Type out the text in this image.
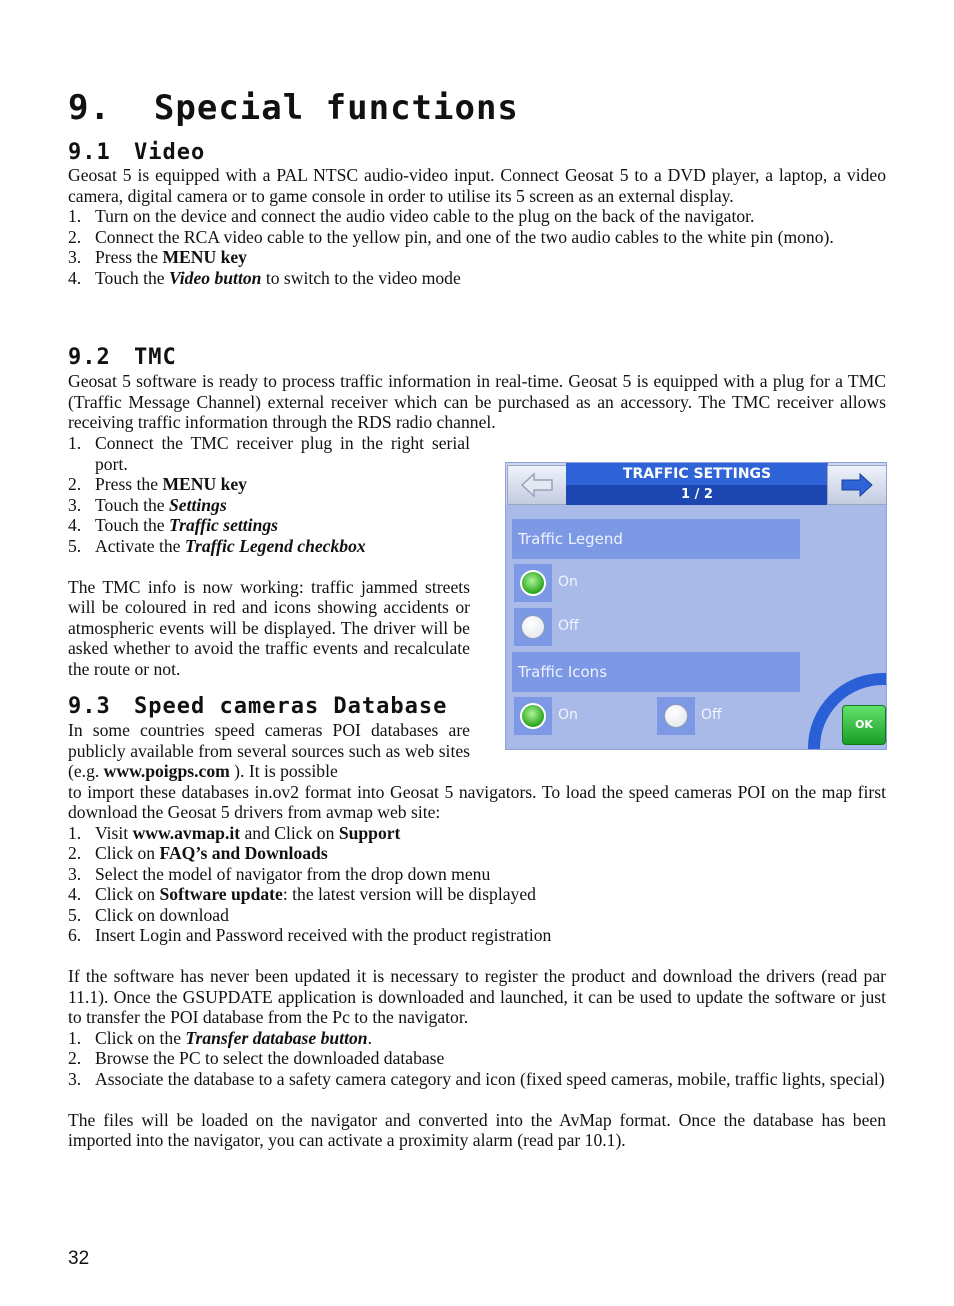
9. Special functions
9.1 Video

Geosat 5 is equipped with a PAL NTSC audio-video input. Connect Geosat 5 to a DVD player, a laptop, a video camera, digital camera or to game console in order to utilise its 5 screen as an external display.

1. Turn on the device and connect the audio video cable to the plug on the back of the navigator.
2. Connect the RCA video cable to the yellow pin, and one of the two audio cables to the white pin (mono).
3. Press the MENU key
4. Touch the Video button to switch to the video mode
9.2 TMC

Geosat 5 software is ready to process traffic information in real-time. Geosat 5 is equipped with a plug for a TMC (Traffic Message Channel) external receiver which can be purchased as an accessory. The TMC receiver allows receiving traffic information through the RDS radio channel.

1. Connect the TMC receiver plug in the right serial port.
2. Press the MENU key
3. Touch the Settings
4. Touch the Traffic settings
5. Activate the Traffic Legend checkbox

The TMC info is now working: traffic jammed streets will be coloured in red and icons showing accidents or atmospheric events will be displayed. The driver will be asked whether to avoid the traffic events and recalculate the route or not.

TRAFFIC SETTINGS
1 / 2
Traffic Legend
On
Off
Traffic Icons
On	Off
OK
9.3 Speed cameras Database

In some countries speed cameras POI databases are publicly available from several sources such as web sites (e.g. www.poigps.com ). It is possible

to import these databases in.ov2 format into Geosat 5 navigators. To load the speed cameras POI on the map first download the Geosat 5 drivers from avmap web site:

1. Visit www.avmap.it and Click on Support
2. Click on FAQ’s and Downloads
3. Select the model of navigator from the drop down menu
4. Click on Software update: the latest version will be displayed
5. Click on download
6. Insert Login and Password received with the product registration

If the software has never been updated it is necessary to register the product and download the drivers (read par 11.1). Once the GSUPDATE application is downloaded and launched, it can be used to update the software or just to transfer the POI database from the Pc to the navigator.

1. Click on the Transfer database button.
2. Browse the PC to select the downloaded database
3. Associate the database to a safety camera category and icon (fixed speed cameras, mobile, traffic lights, special)

The files will be loaded on the navigator and converted into the AvMap format. Once the database has been imported into the navigator, you can activate a proximity alarm (read par 10.1).

32
